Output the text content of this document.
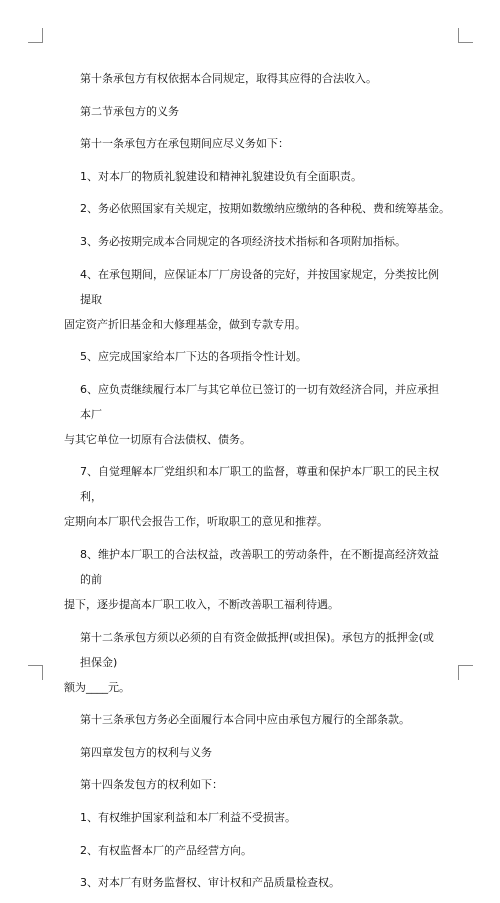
第十条承包方有权依据本合同规定，取得其应得的合法收入。

第二节承包方的义务

第十一条承包方在承包期间应尽义务如下：

1、对本厂的物质礼貌建设和精神礼貌建设负有全面职责。

2、务必依照国家有关规定，按期如数缴纳应缴纳的各种税、费和统筹基金。

3、务必按期完成本合同规定的各项经济技术指标和各项附加指标。

4、在承包期间，应保证本厂厂房设备的完好，并按国家规定，分类按比例提取
固定资产折旧基金和大修理基金，做到专款专用。

5、应完成国家给本厂下达的各项指令性计划。

6、应负责继续履行本厂与其它单位已签订的一切有效经济合同，并应承担本厂
与其它单位一切原有合法债权、债务。

7、自觉理解本厂党组织和本厂职工的监督，尊重和保护本厂职工的民主权利，
定期向本厂职代会报告工作，听取职工的意见和推荐。

8、维护本厂职工的合法权益，改善职工的劳动条件，在不断提高经济效益的前
提下，逐步提高本厂职工收入，不断改善职工福利待遇。

第十二条承包方须以必须的自有资金做抵押(或担保)。承包方的抵押金(或担保金)
额为____元。

第十三条承包方务必全面履行本合同中应由承包方履行的全部条款。

第四章发包方的权利与义务

第十四条发包方的权利如下：

1、有权维护国家利益和本厂利益不受损害。

2、有权监督本厂的产品经营方向。

3、对本厂有财务监督权、审计权和产品质量检查权。
